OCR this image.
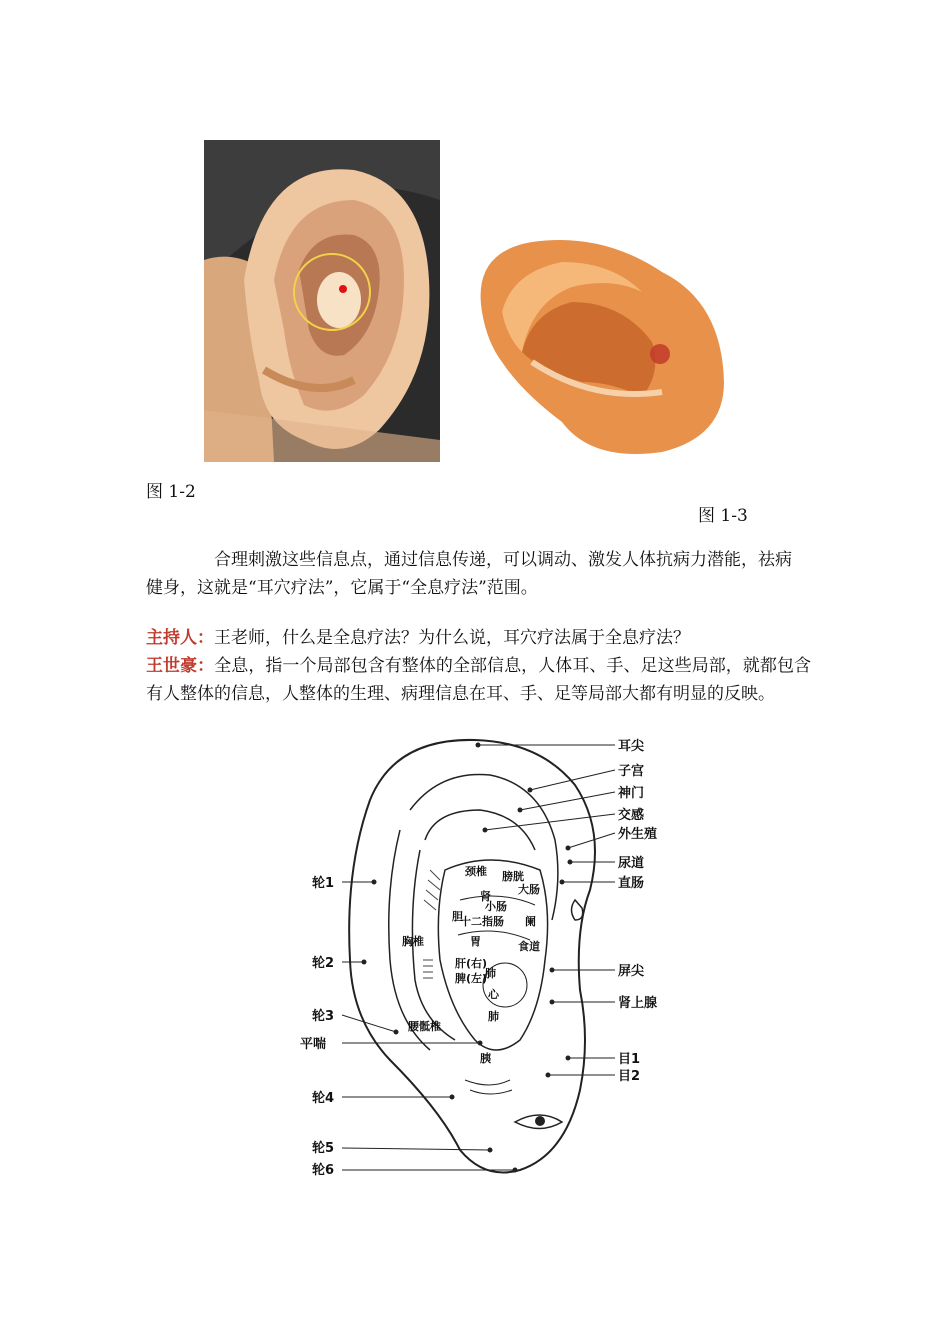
图 1-2
图 1-3
合理刺激这些信息点，通过信息传递，可以调动、激发人体抗病力潜能，祛病健身，这就是“耳穴疗法”，它属于“全息疗法”范围。
主持人：王老师，什么是全息疗法？为什么说，耳穴疗法属于全息疗法？
王世豪：全息，指一个局部包含有整体的全部信息，人体耳、手、足这些局部，就都包含有人整体的信息，人整体的生理、病理信息在耳、手、足等局部大都有明显的反映。
耳尖
子宫
神门
交感
外生殖
尿道
直肠
屏尖
肾上腺
目1
目2
轮1
轮2
轮3
平喘
轮4
轮5
轮6
膀胱
大肠
小肠
十二指肠 阑
食道
胃
肝(右)
脾(左)
肺
心
肺
胆
肾
胰
颈椎
腰骶椎
胸椎
